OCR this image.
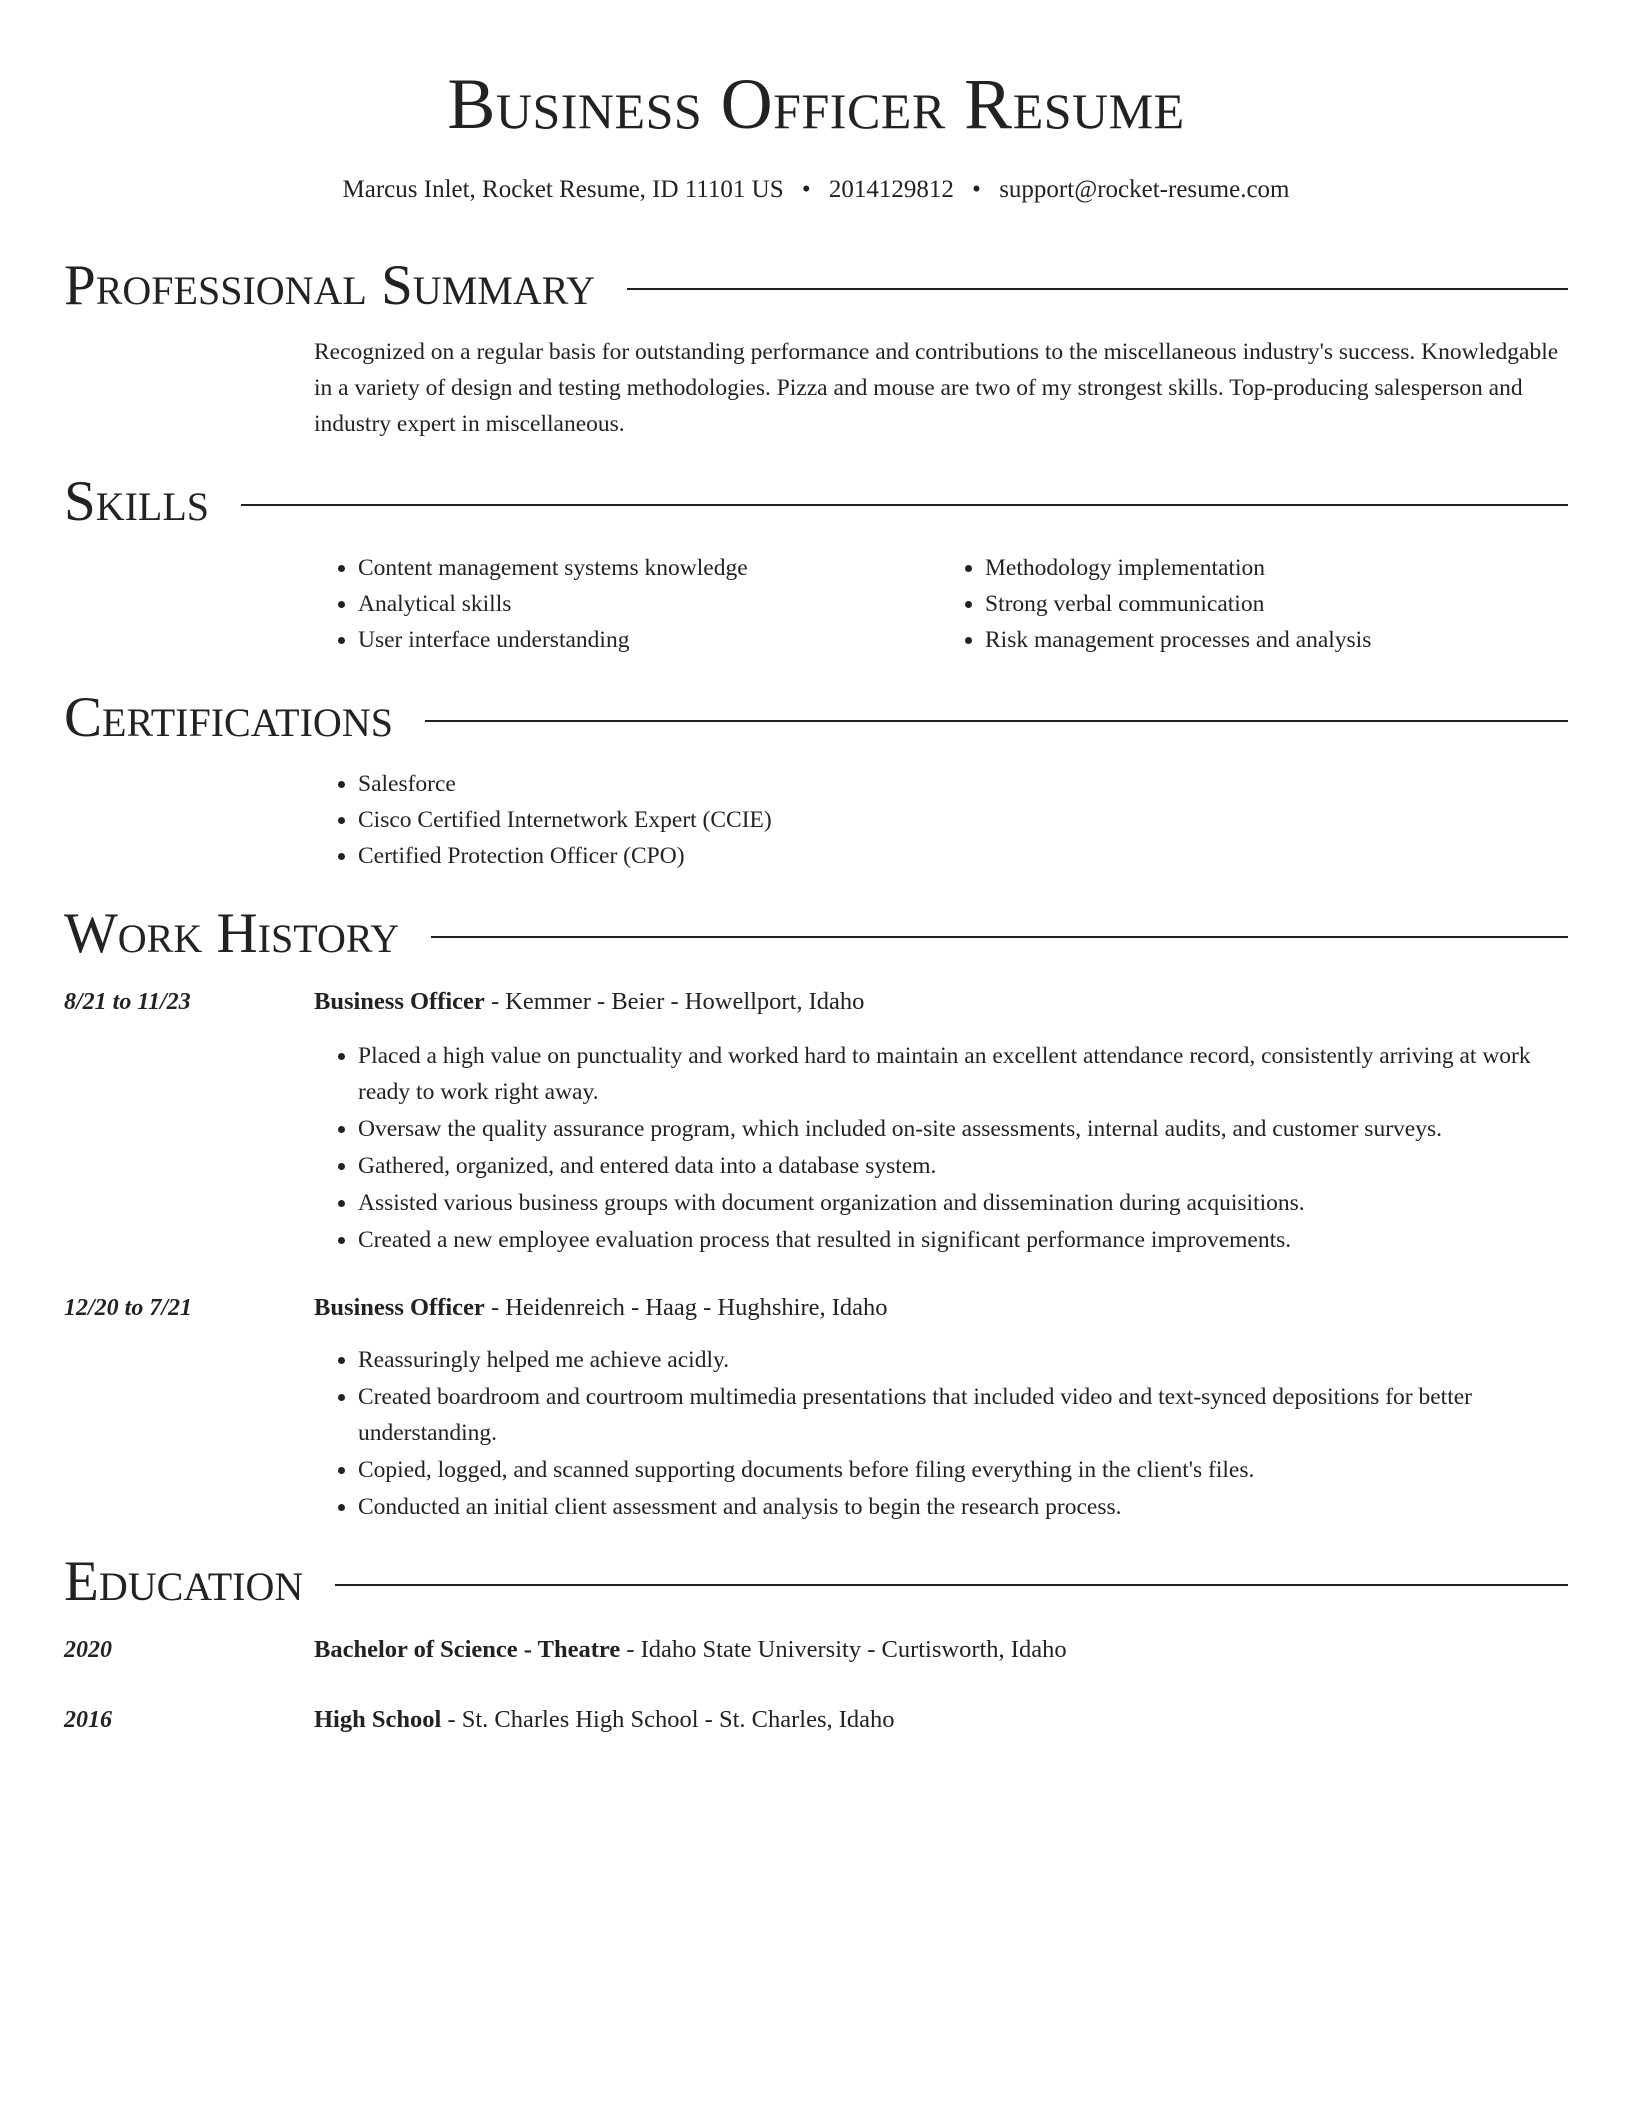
Business Officer Resume
Marcus Inlet, Rocket Resume, ID 11101 US • 2014129812 • support@rocket-resume.com
Professional Summary

Recognized on a regular basis for outstanding performance and contributions to the miscellaneous industry's success. Knowledgable in a variety of design and testing methodologies. Pizza and mouse are two of my strongest skills. Top-producing salesperson and industry expert in miscellaneous.

Skills
• Content management systems knowledge
• Analytical skills
• User interface understanding
• Methodology implementation
• Strong verbal communication
• Risk management processes and analysis
Certifications
• Salesforce
• Cisco Certified Internetwork Expert (CCIE)
• Certified Protection Officer (CPO)
Work History
8/21 to 11/23	Business Officer - Kemmer - Beier - Howellport, Idaho
• Placed a high value on punctuality and worked hard to maintain an excellent attendance record, consistently arriving at work ready to work right away.
• Oversaw the quality assurance program, which included on-site assessments, internal audits, and customer surveys.
• Gathered, organized, and entered data into a database system.
• Assisted various business groups with document organization and dissemination during acquisitions.
• Created a new employee evaluation process that resulted in significant performance improvements.
12/20 to 7/21	Business Officer - Heidenreich - Haag - Hughshire, Idaho
• Reassuringly helped me achieve acidly.
• Created boardroom and courtroom multimedia presentations that included video and text-synced depositions for better understanding.
• Copied, logged, and scanned supporting documents before filing everything in the client's files.
• Conducted an initial client assessment and analysis to begin the research process.
Education
2020	Bachelor of Science - Theatre - Idaho State University - Curtisworth, Idaho
2016	High School - St. Charles High School - St. Charles, Idaho
